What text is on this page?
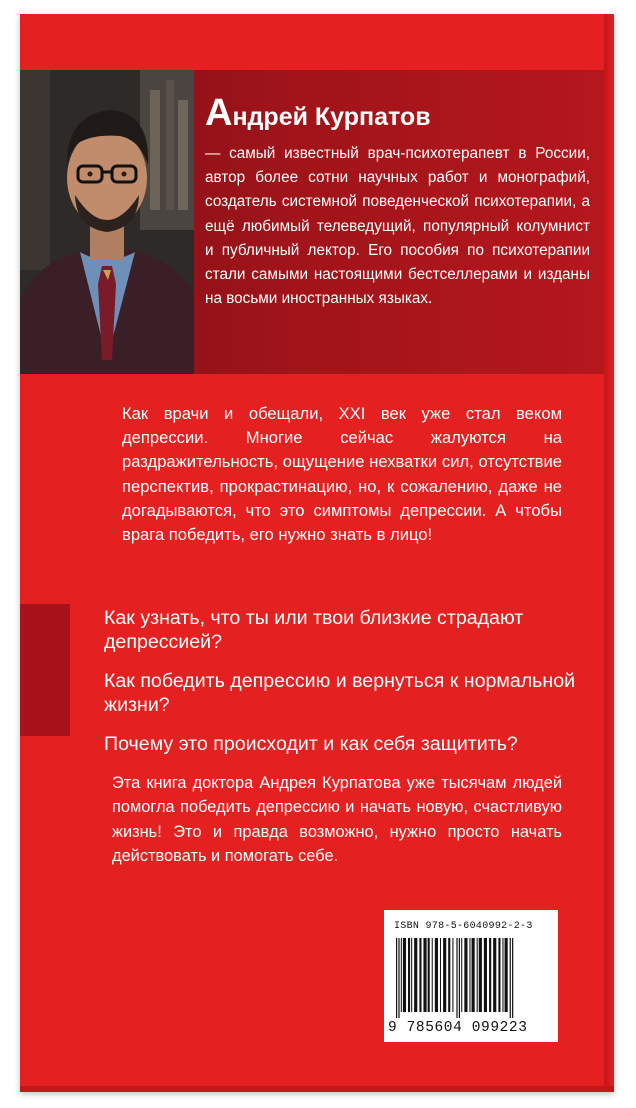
Андрей Курпатов

— самый известный врач-психотерапевт в России, автор более сотни научных работ и монографий, создатель системной поведенческой психотерапии, а ещё любимый телеведущий, популярный колумнист и публичный лектор. Его пособия по психотерапии стали самыми настоящими бестселлерами и изданы на восьми иностранных языках.

Как врачи и обещали, XXI век уже стал веком депрессии. Многие сейчас жалуются на раздражительность, ощущение нехватки сил, отсутствие перспектив, прокрастинацию, но, к сожалению, даже не догадываются, что это симптомы депрессии. А чтобы врага победить, его нужно знать в лицо!

Как узнать, что ты или твои близкие страдают депрессией?

Как победить депрессию и вернуться к нормальной жизни?

Почему это происходит и как себя защитить?

Эта книга доктора Андрея Курпатова уже тысячам людей помогла победить депрессию и начать новую, счастливую жизнь! Это и правда возможно, нужно просто начать действовать и помогать себе.

ISBN 978-5-6040992-2-3
9 785604 099223
